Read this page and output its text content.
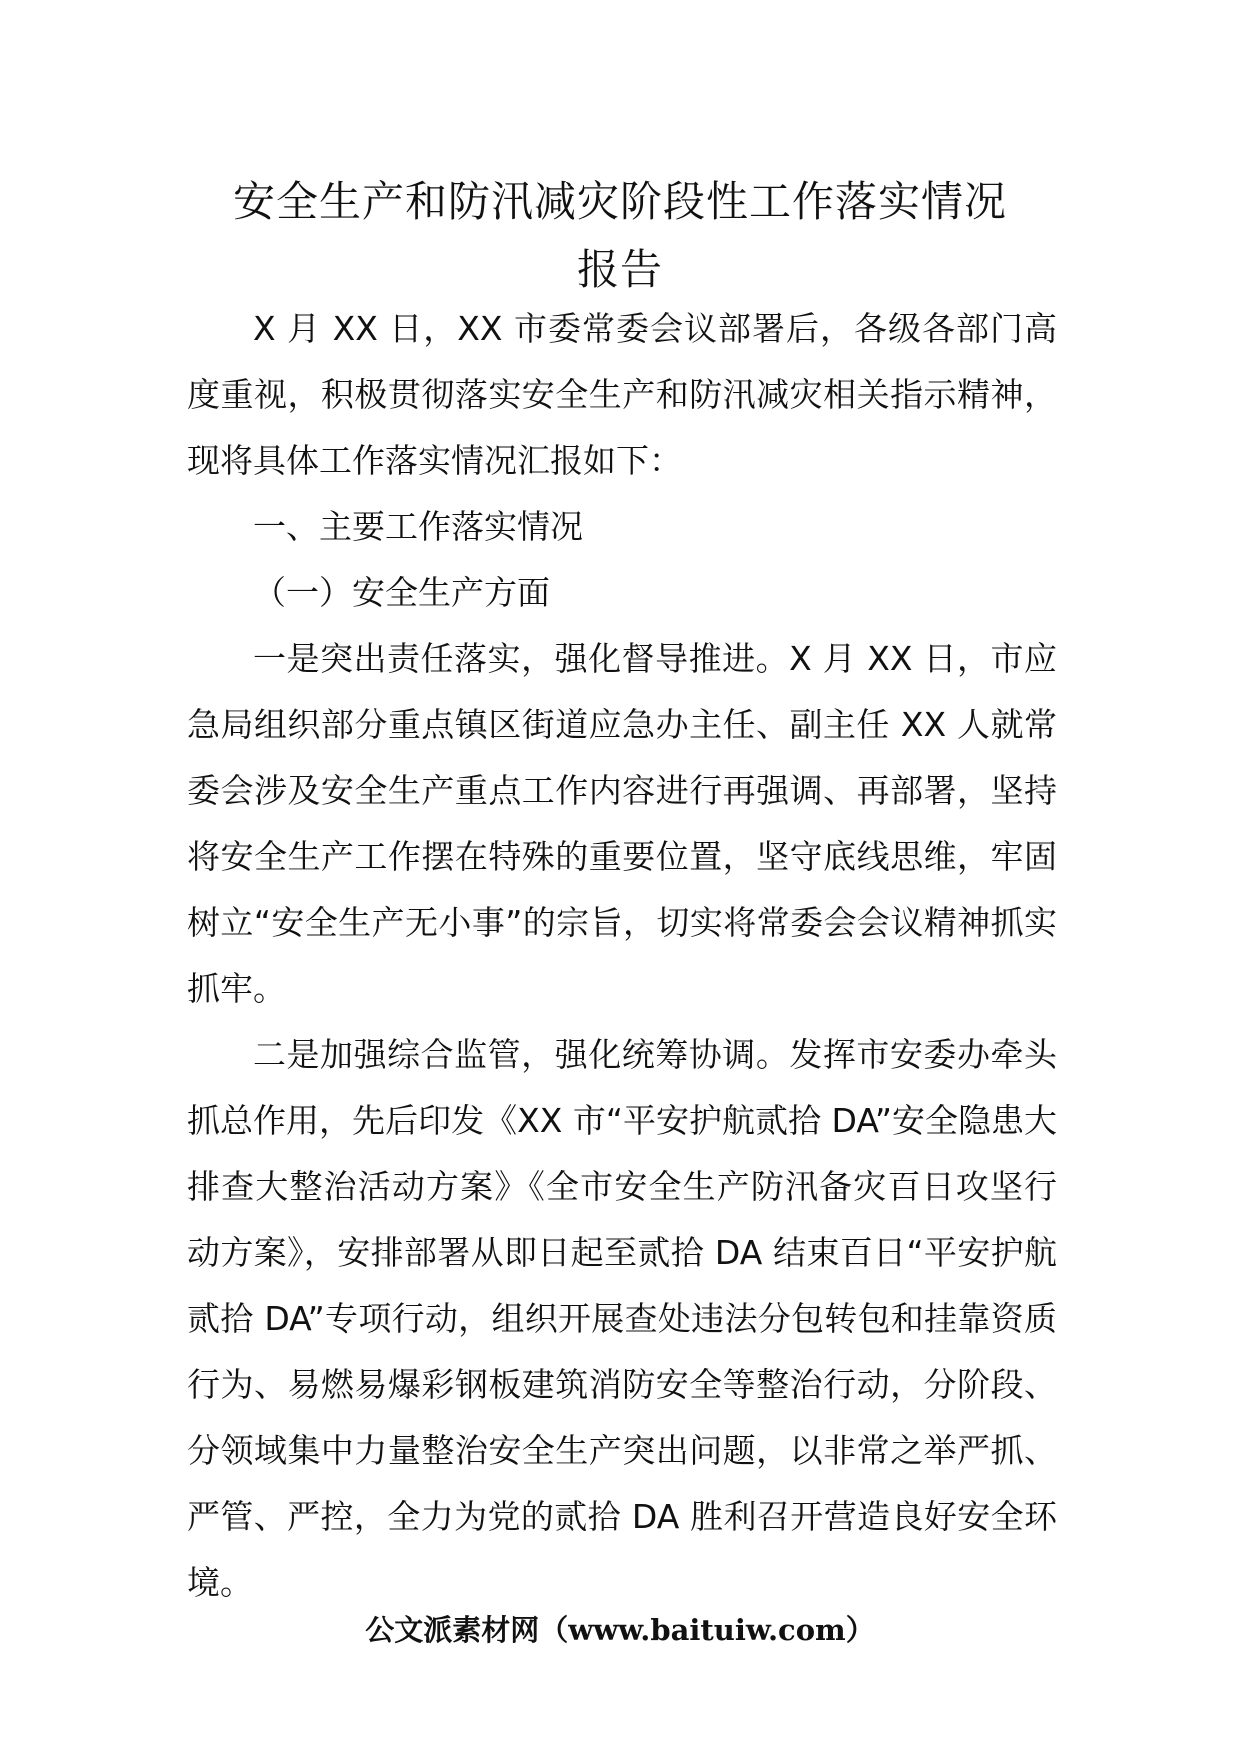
安全生产和防汛减灾阶段性工作落实情况
报告

X 月 XX 日，XX 市委常委会议部署后，各级各部门高度重视，积极贯彻落实安全生产和防汛减灾相关指示精神，现将具体工作落实情况汇报如下：

一、主要工作落实情况

（一）安全生产方面

一是突出责任落实，强化督导推进。X 月 XX 日，市应急局组织部分重点镇区街道应急办主任、副主任 XX 人就常委会涉及安全生产重点工作内容进行再强调、再部署，坚持将安全生产工作摆在特殊的重要位置，坚守底线思维，牢固树立“安全生产无小事”的宗旨，切实将常委会会议精神抓实抓牢。

二是加强综合监管，强化统筹协调。发挥市安委办牵头抓总作用，先后印发《XX 市“平安护航贰拾 DA”安全隐患大排查大整治活动方案》《全市安全生产防汛备灾百日攻坚行动方案》，安排部署从即日起至贰拾 DA 结束百日“平安护航贰拾 DA”专项行动，组织开展查处违法分包转包和挂靠资质行为、易燃易爆彩钢板建筑消防安全等整治行动，分阶段、分领域集中力量整治安全生产突出问题，以非常之举严抓、严管、严控，全力为党的贰拾 DA 胜利召开营造良好安全环境。

公文派素材网（www.baituiw.com）
